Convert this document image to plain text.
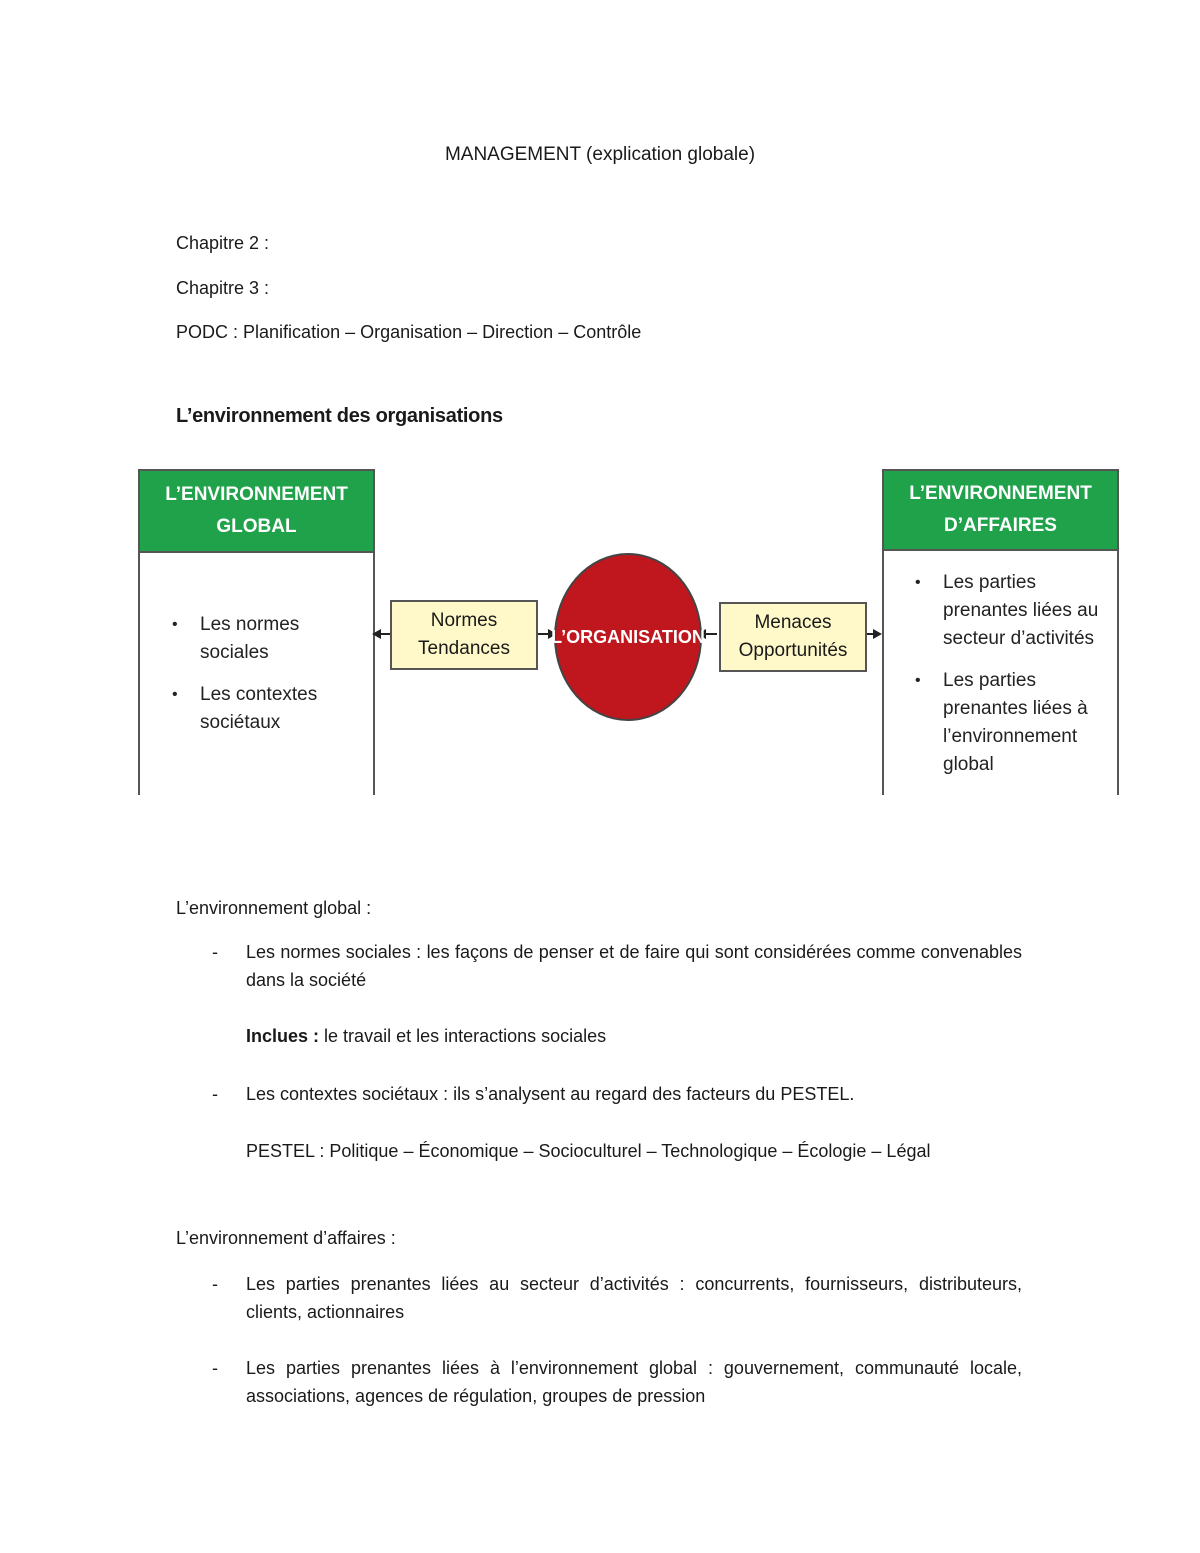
MANAGEMENT (explication globale)
Chapitre 2 :
Chapitre 3 :
PODC : Planification – Organisation – Direction – Contrôle
L’environnement des organisations
L’ENVIRONNEMENT
GLOBAL
• Les normes
sociales
• Les contextes
sociétaux
Normes
Tendances
L’ORGANISATION
Menaces
Opportunités
L’ENVIRONNEMENT
D’AFFAIRES
• Les parties
prenantes liées au
secteur d’activités
• Les parties
prenantes liées à
l’environnement
global
L’environnement global :
- Les normes sociales : les façons de penser et de faire qui sont considérées comme convenables dans la société
Inclues : le travail et les interactions sociales
- Les contextes sociétaux : ils s’analysent au regard des facteurs du PESTEL.
PESTEL : Politique – Économique – Socioculturel – Technologique – Écologie – Légal
L’environnement d’affaires :
- Les parties prenantes liées au secteur d’activités : concurrents, fournisseurs, distributeurs, clients, actionnaires
- Les parties prenantes liées à l’environnement global : gouvernement, communauté locale, associations, agences de régulation, groupes de pression
